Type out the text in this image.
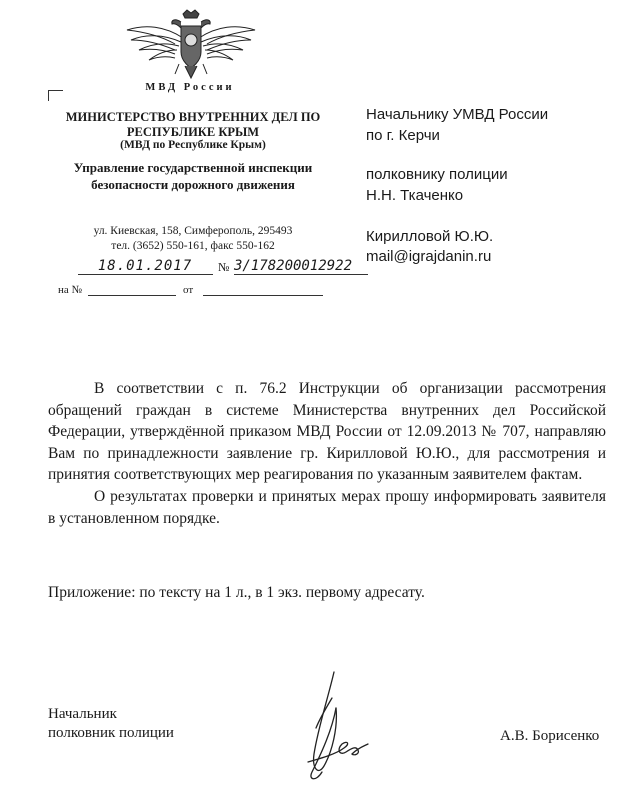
МВД России
МИНИСТЕРСТВО ВНУТРЕННИХ ДЕЛ ПО РЕСПУБЛИКЕ КРЫМ
(МВД по Республике Крым)
Управление государственной инспекции безопасности дорожного движения
ул. Киевская, 158, Симферополь, 295493
тел. (3652) 550-161, факс 550-162
18.01.2017	№ 3/178200012922
на №	от
Начальнику УМВД России
по г. Керчи
полковнику полиции
Н.Н. Ткаченко
Кирилловой Ю.Ю.
mail@igrajdanin.ru

В соответствии с п. 76.2 Инструкции об организации рассмотрения обращений граждан в системе Министерства внутренних дел Российской Федерации, утверждённой приказом МВД России от 12.09.2013 № 707, направляю Вам по принадлежности заявление гр. Кирилловой Ю.Ю., для рассмотрения и принятия соответствующих мер реагирования по указанным заявителем фактам.

О результатах проверки и принятых мерах прошу информировать заявителя в установленном порядке.

Приложение: по тексту на 1 л., в 1 экз. первому адресату.
Начальник
полковник полиции	А.В. Борисенко
